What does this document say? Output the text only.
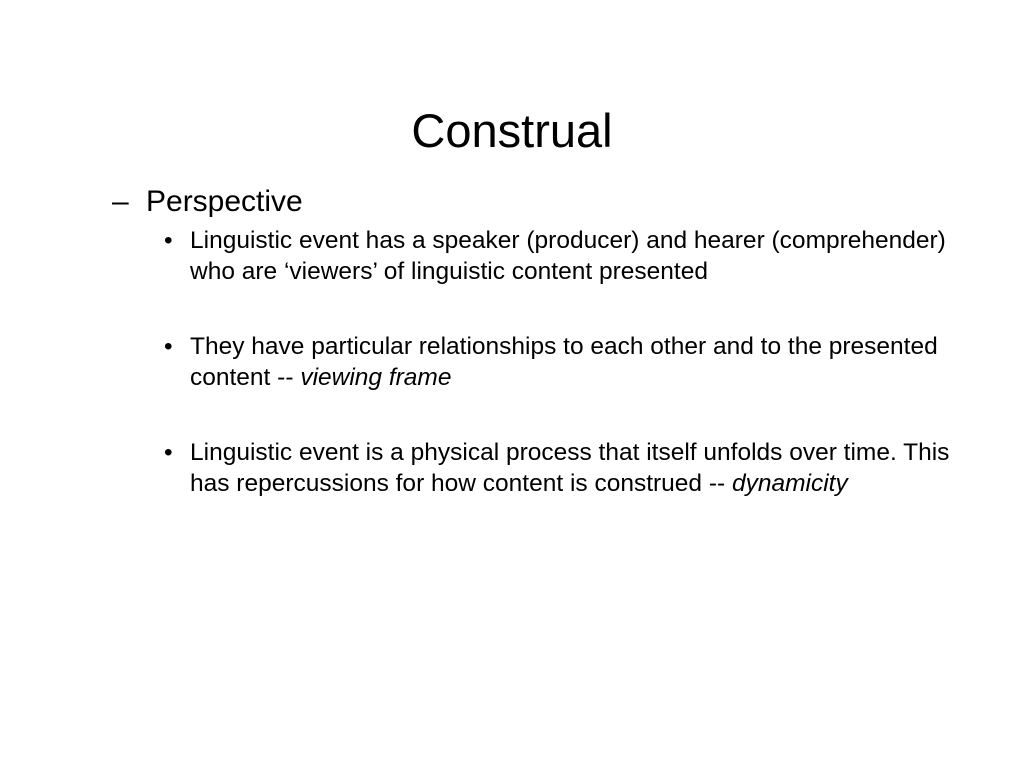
Construal
– Perspective
• Linguistic event has a speaker (producer) and hearer (comprehender) who are ‘viewers’ of linguistic content presented
• They have particular relationships to each other and to the presented content -- viewing frame
• Linguistic event is a physical process that itself unfolds over time. This has repercussions for how content is construed -- dynamicity
